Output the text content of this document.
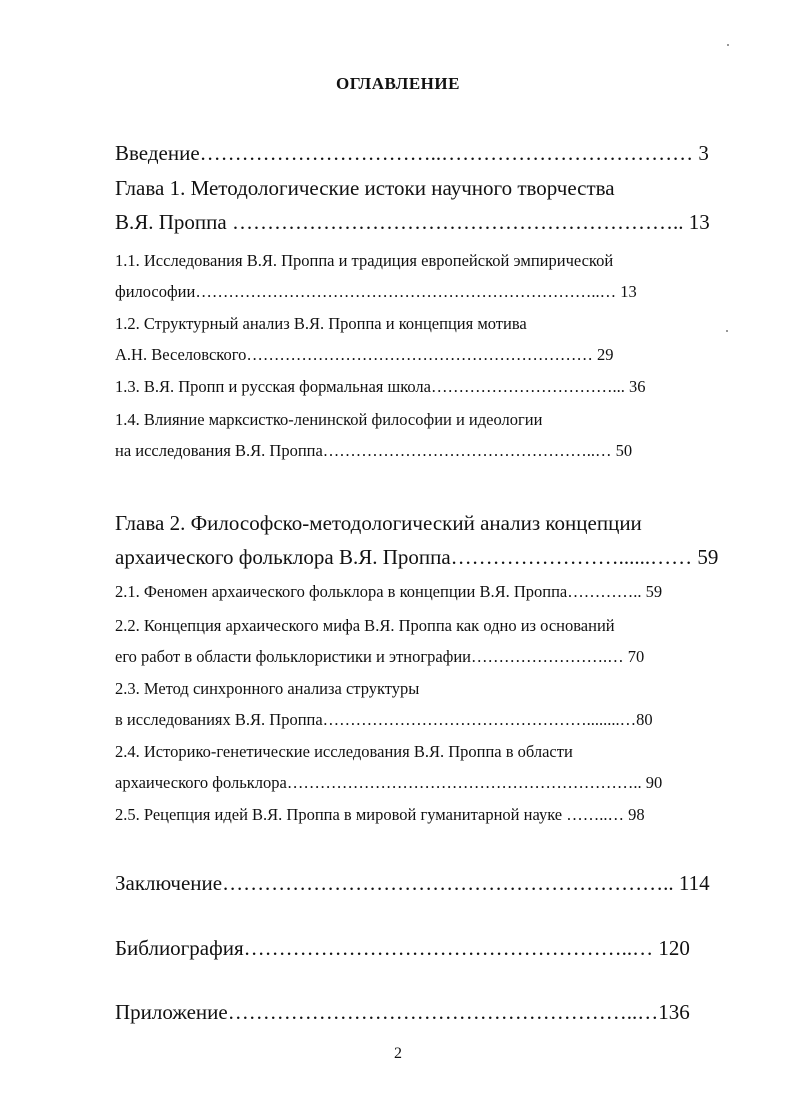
ОГЛАВЛЕНИЕ
Введение……………………………..……………………………… 3
Глава 1. Методологические истоки научного творчества
В.Я. Проппа ……………………………………………………….. 13
1.1. Исследования В.Я. Проппа и традиция европейской эмпирической
философии………………………………………………………………..… 13
1.2. Структурный анализ В.Я. Проппа и концепция мотива
А.Н. Веселовского……………………………………………………… 29
1.3. В.Я. Пропп и русская формальная школа……………………………... 36
1.4. Влияние марксистко-ленинской философии и идеологии
на исследования В.Я. Проппа…………………………………………..… 50
Глава 2. Философско-методологический анализ концепции
архаического фольклора В.Я. Проппа……………………......…… 59
2.1. Феномен архаического фольклора в концепции В.Я. Проппа………….. 59
2.2. Концепция архаического мифа В.Я. Проппа как одно из оснований
его работ в области фольклористики и этнографии…………………….… 70
2.3. Метод синхронного анализа структуры
в исследованиях В.Я. Проппа…………………………………………........…80
2.4. Историко-генетические исследования В.Я. Проппа в области
архаического фольклора……………………………………………………….. 90
2.5. Рецепция идей В.Я. Проппа в мировой гуманитарной науке ……..… 98
Заключение……………………………………………………….. 114
Библиография………………………………………………..… 120
Приложение…………………………………………………..…136
2
